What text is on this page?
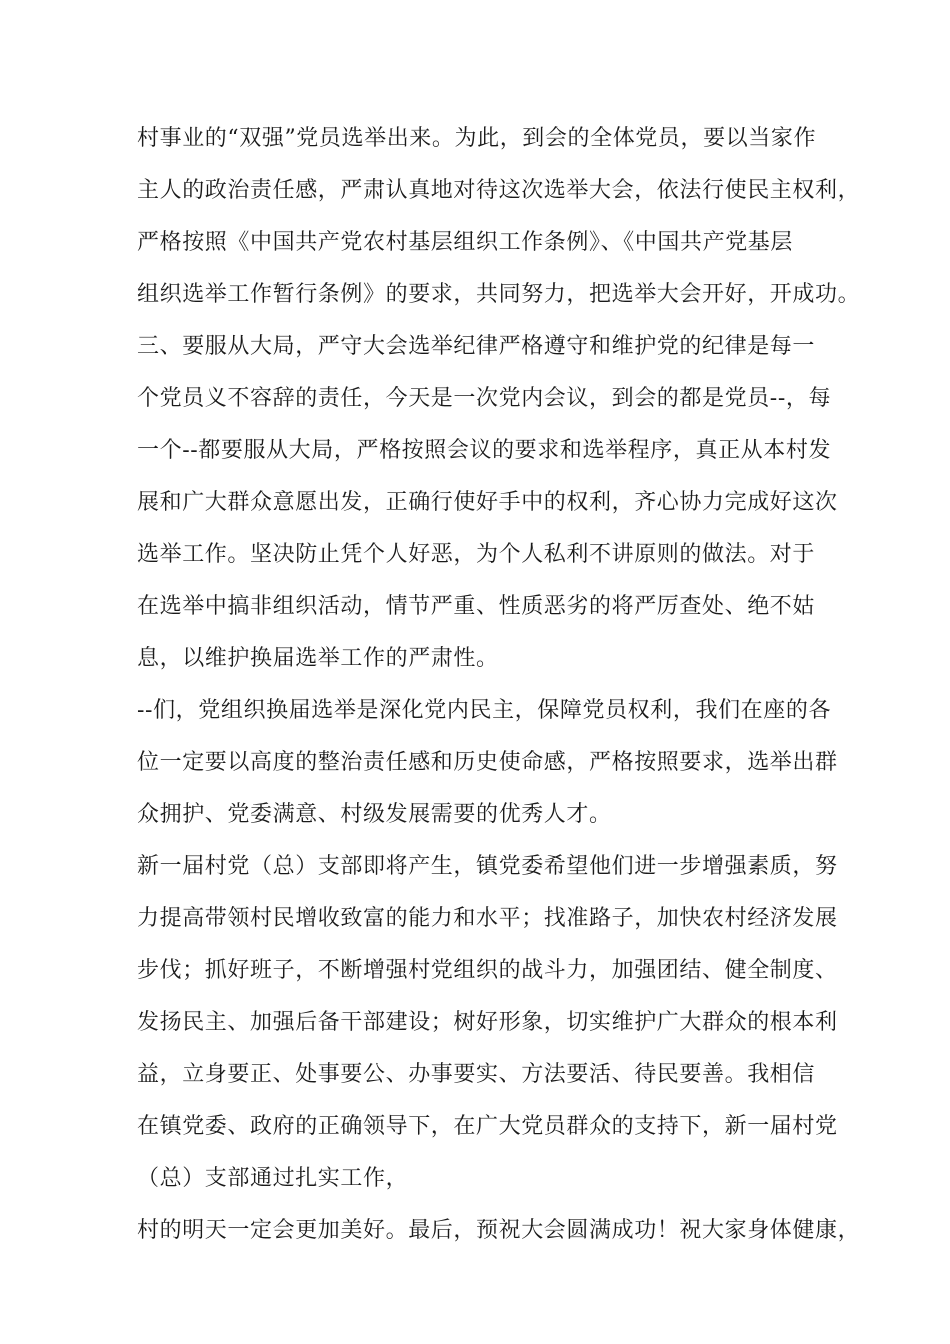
村事业的“双强”党员选举出来。为此，到会的全体党员，要以当家作
主人的政治责任感，严肃认真地对待这次选举大会，依法行使民主权利，
严格按照《中国共产党农村基层组织工作条例》、《中国共产党基层
组织选举工作暂行条例》的要求，共同努力，把选举大会开好，开成功。
三、要服从大局，严守大会选举纪律严格遵守和维护党的纪律是每一
个党员义不容辞的责任，今天是一次党内会议，到会的都是党员--，每
一个--都要服从大局，严格按照会议的要求和选举程序，真正从本村发
展和广大群众意愿出发，正确行使好手中的权利，齐心协力完成好这次
选举工作。坚决防止凭个人好恶，为个人私利不讲原则的做法。对于
在选举中搞非组织活动，情节严重、性质恶劣的将严厉查处、绝不姑
息，以维护换届选举工作的严肃性。
--们，党组织换届选举是深化党内民主，保障党员权利，我们在座的各
位一定要以高度的整治责任感和历史使命感，严格按照要求，选举出群
众拥护、党委满意、村级发展需要的优秀人才。
新一届村党（总）支部即将产生，镇党委希望他们进一步增强素质，努
力提高带领村民增收致富的能力和水平；找准路子，加快农村经济发展
步伐；抓好班子，不断增强村党组织的战斗力，加强团结、健全制度、
发扬民主、加强后备干部建设；树好形象，切实维护广大群众的根本利
益，立身要正、处事要公、办事要实、方法要活、待民要善。我相信
在镇党委、政府的正确领导下，在广大党员群众的支持下，新一届村党
（总）支部通过扎实工作，
村的明天一定会更加美好。最后，预祝大会圆满成功！祝大家身体健康，
